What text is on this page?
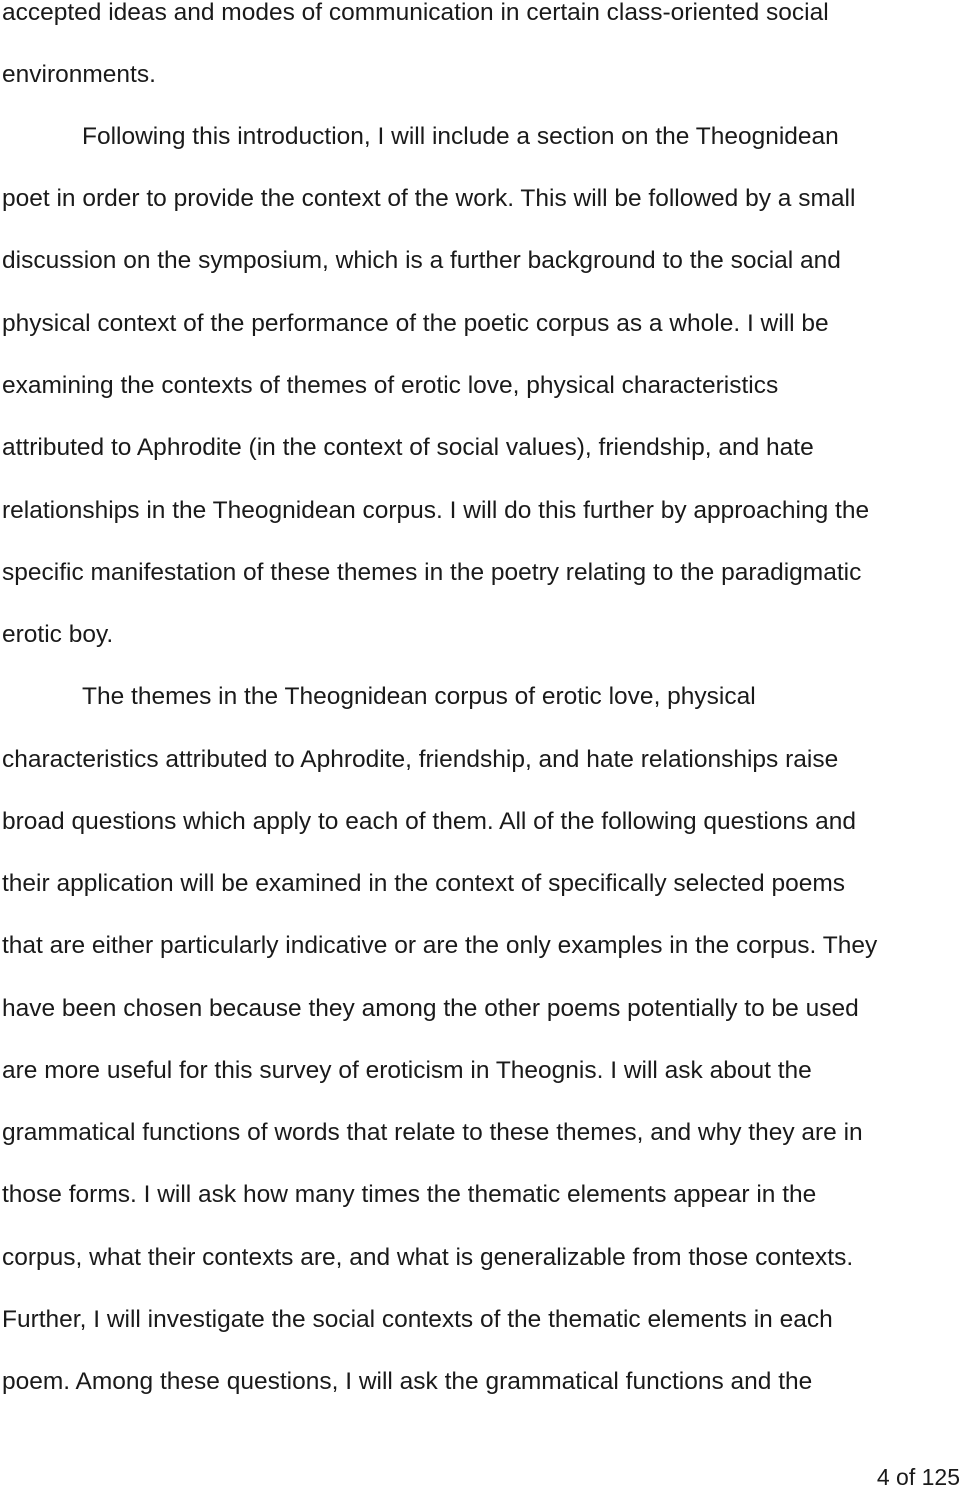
accepted ideas and modes of communication in certain class-oriented social
environments.
Following this introduction, I will include a section on the Theognidean
poet in order to provide the context of the work. This will be followed by a small
discussion on the symposium, which is a further background to the social and
physical context of the performance of the poetic corpus as a whole. I will be
examining the contexts of themes of erotic love, physical characteristics
attributed to Aphrodite (in the context of social values), friendship, and hate
relationships in the Theognidean corpus. I will do this further by approaching the
specific manifestation of these themes in the poetry relating to the paradigmatic
erotic boy.
The themes in the Theognidean corpus of erotic love, physical
characteristics attributed to Aphrodite, friendship, and hate relationships raise
broad questions which apply to each of them. All of the following questions and
their application will be examined in the context of specifically selected poems
that are either particularly indicative or are the only examples in the corpus. They
have been chosen because they among the other poems potentially to be used
are more useful for this survey of eroticism in Theognis. I will ask about the
grammatical functions of words that relate to these themes, and why they are in
those forms. I will ask how many times the thematic elements appear in the
corpus, what their contexts are, and what is generalizable from those contexts.
Further, I will investigate the social contexts of the thematic elements in each
poem. Among these questions, I will ask the grammatical functions and the
4 of 125
